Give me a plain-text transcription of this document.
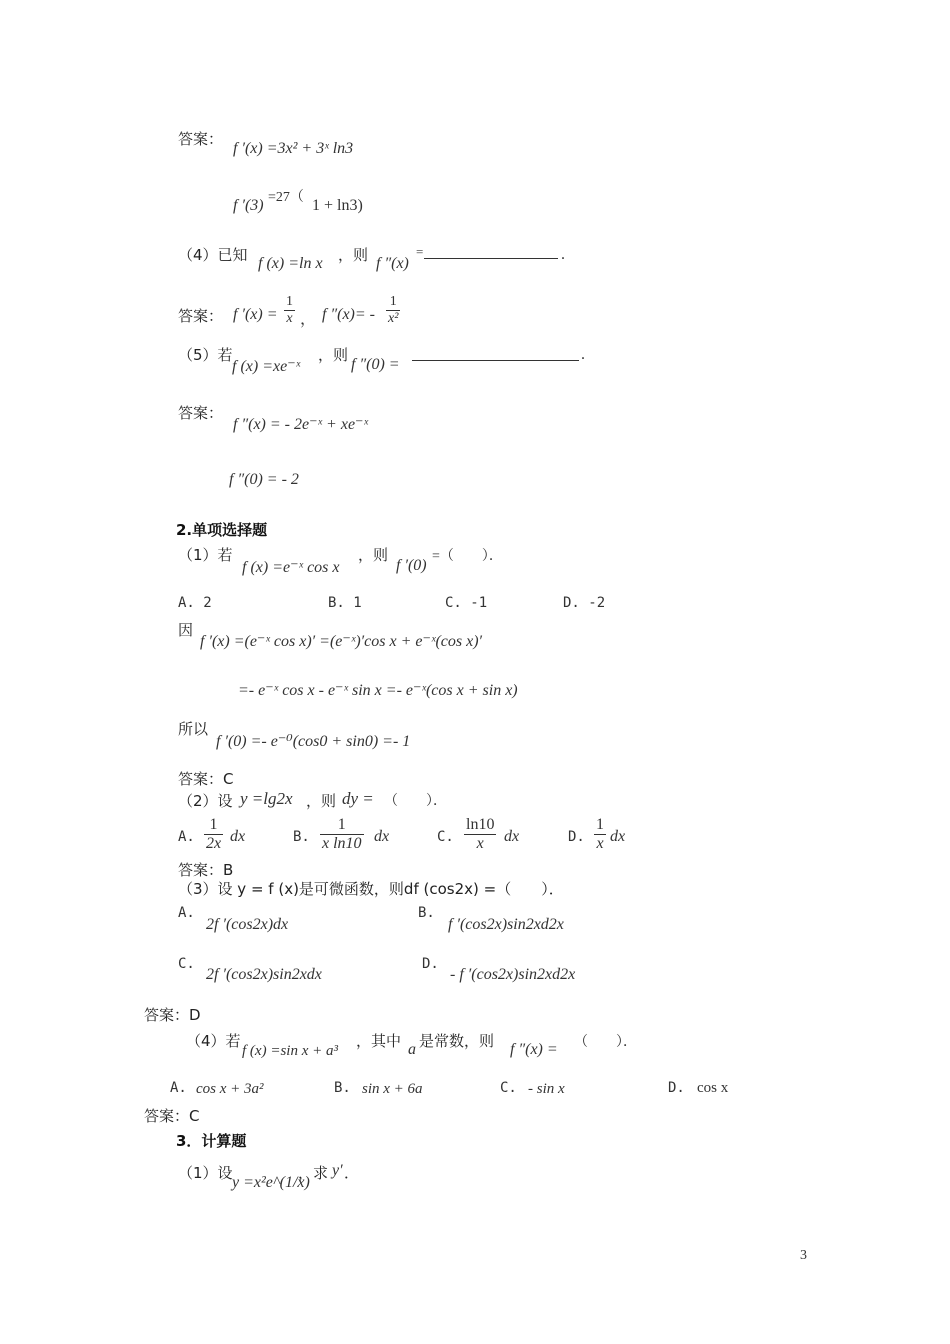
答案：
f ′(x) =3x² + 3ˣ ln3
f ′(3) =27（ 1 + ln3)
（4）已知 f (x) =ln x ，则 f ″(x)
=	.
答案： f $'(x) = \frac{1}{x}$ ， f $''(x)= - \frac{1}{\text{x²}}$
（5）若
f (x) =xe⁻ˣ
，则
f ″(0) =
.
答案：
f ″(x) = - 2e⁻ˣ + xe⁻ˣ
f ″(0) = - 2
2.单项选择题
（1）若
f (x) =e⁻ˣ cos x
，则
f ′(0)
=（　　）．
A. 2	B. 1	C. -1	D. -2
因
f ′(x) =(e⁻ˣ cos x)′ =(e⁻ˣ)′cos x + e⁻ˣ(cos x)′
=- e⁻ˣ cos x - e⁻ˣ sin x =- e⁻ˣ(cos x + sin x)
所以
f ′(0) =- e⁻⁰(cos0 + sin0) =- 1
答案：C
（2）设 y =lg2x ，则 dy = （　　）．
A. $\frac{1}{2x}$ dx	B. $\frac{1}{\text{x ln10}}$ dx	C. $\frac{\ln 10}{x}$ dx	D. $\frac{1}{x}$ dx
答案：B
（3）设 y = f (x)是可微函数，则df (cos2x) =（　　）．
A.
2f ′(cos2x)dx
B.
f ′(cos2x)sin2xd2x
C.
2f ′(cos2x)sin2xdx
D.
- f ′(cos2x)sin2xd2x
答案：D
（4）若
f (x) =sin x + a³
，其中 a 是常数，则 f ″(x) = （　　）．
A. cos x + 3a²	B. sin x + 6a	C. - sin x	D. cos x
答案：C
3．计算题
（1）设
y =x²e^(1/x)
，求 y′ ．
3
